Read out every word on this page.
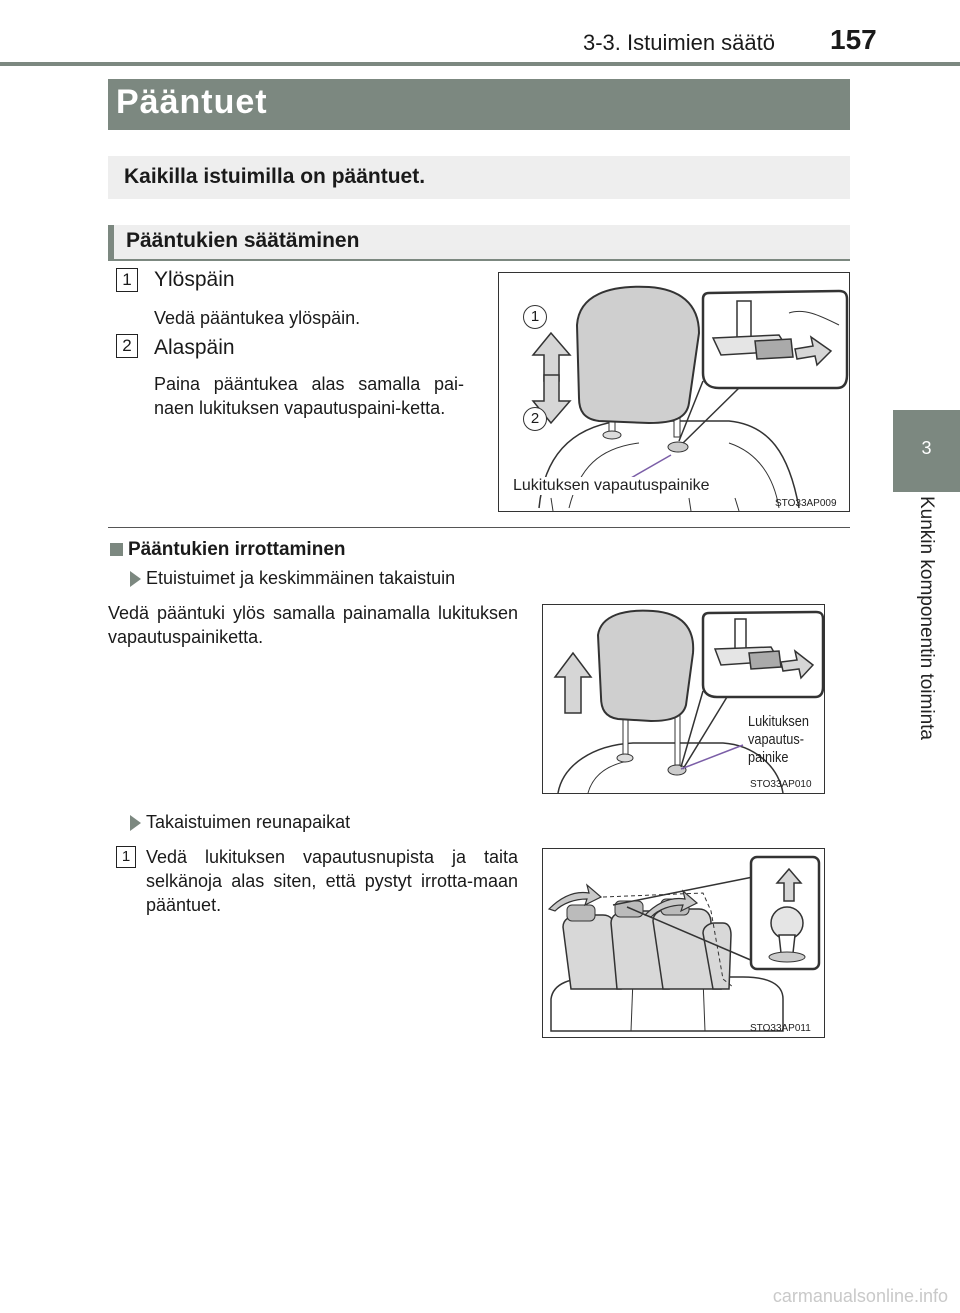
3-3. Istuimien säätö 157
3
Kunkin komponentin toiminta
Pääntuet
Kaikilla istuimilla on pääntuet.
Pääntukien säätäminen
1 Ylöspäin
Vedä pääntukea ylöspäin.
2 Alaspäin
Paina pääntukea alas samalla pai-naen lukituksen vapautuspaini-ketta.
1
2
Lukituksen vapautuspainike
STO33AP009
Pääntukien irrottaminen
Etuistuimet ja keskimmäinen takaistuin
Vedä pääntuki ylös samalla painamalla lukituksen vapautuspainiketta.
Lukituksen
vapautus-
painike
STO33AP010
Takaistuimen reunapaikat
1 Vedä lukituksen vapautusnupista ja taita selkänoja alas siten, että pystyt irrotta-maan pääntuet.
STO33AP011
carmanualsonline.info
